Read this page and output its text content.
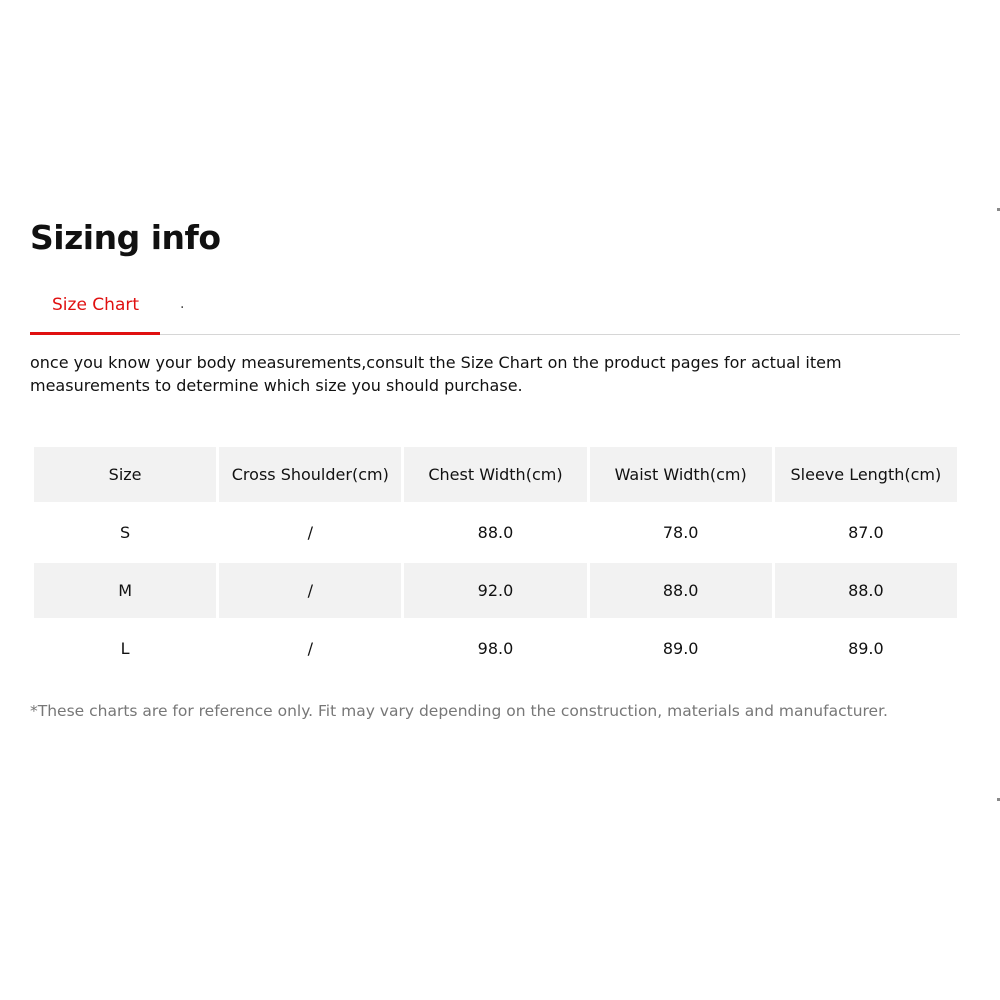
Sizing info
Size Chart	.

once you know your body measurements,consult the Size Chart on the product pages for actual item measurements to determine which size you should purchase.

Size	Cross Shoulder(cm)	Chest Width(cm)	Waist Width(cm)	Sleeve Length(cm)
S	/	88.0	78.0	87.0
M	/	92.0	88.0	88.0
L	/	98.0	89.0	89.0

*These charts are for reference only. Fit may vary depending on the construction, materials and manufacturer.
